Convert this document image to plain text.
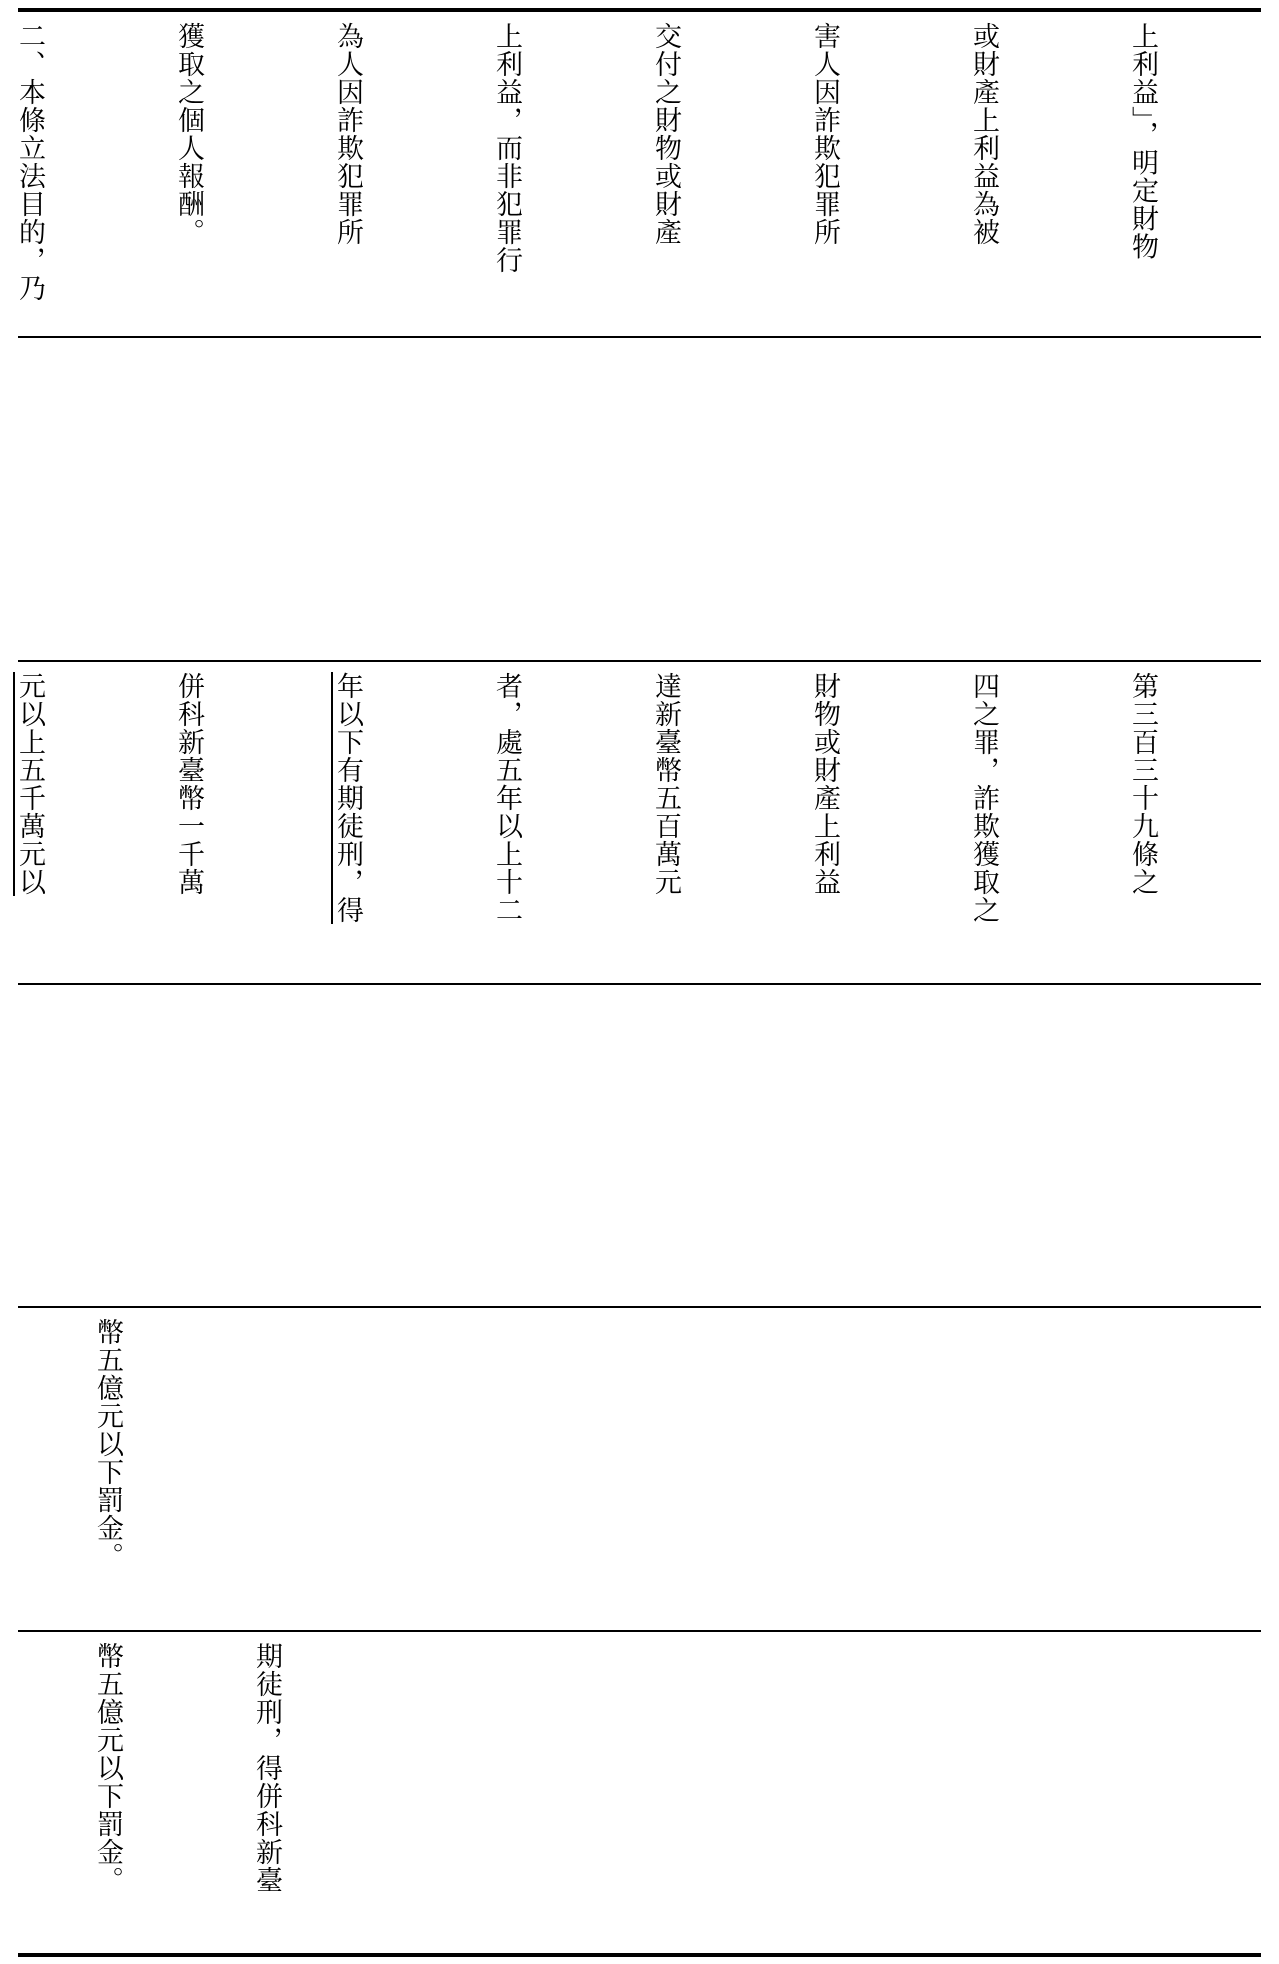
上利益」，明定財物

或財產上利益為被

害人因詐欺犯罪所

交付之財物或財產

上利益，而非犯罪行

為人因詐欺犯罪所

獲取之個人報酬。

二、本條立法目的，乃

第三百三十九條之

四之罪，詐欺獲取之

財物或財產上利益

達新臺幣五百萬元

者，處五年以上十二

年以下有期徒刑，得

併科新臺幣一千萬

元以上五千萬元以

幣五億元以下罰金。

期徒刑，得併科新臺

幣五億元以下罰金。
